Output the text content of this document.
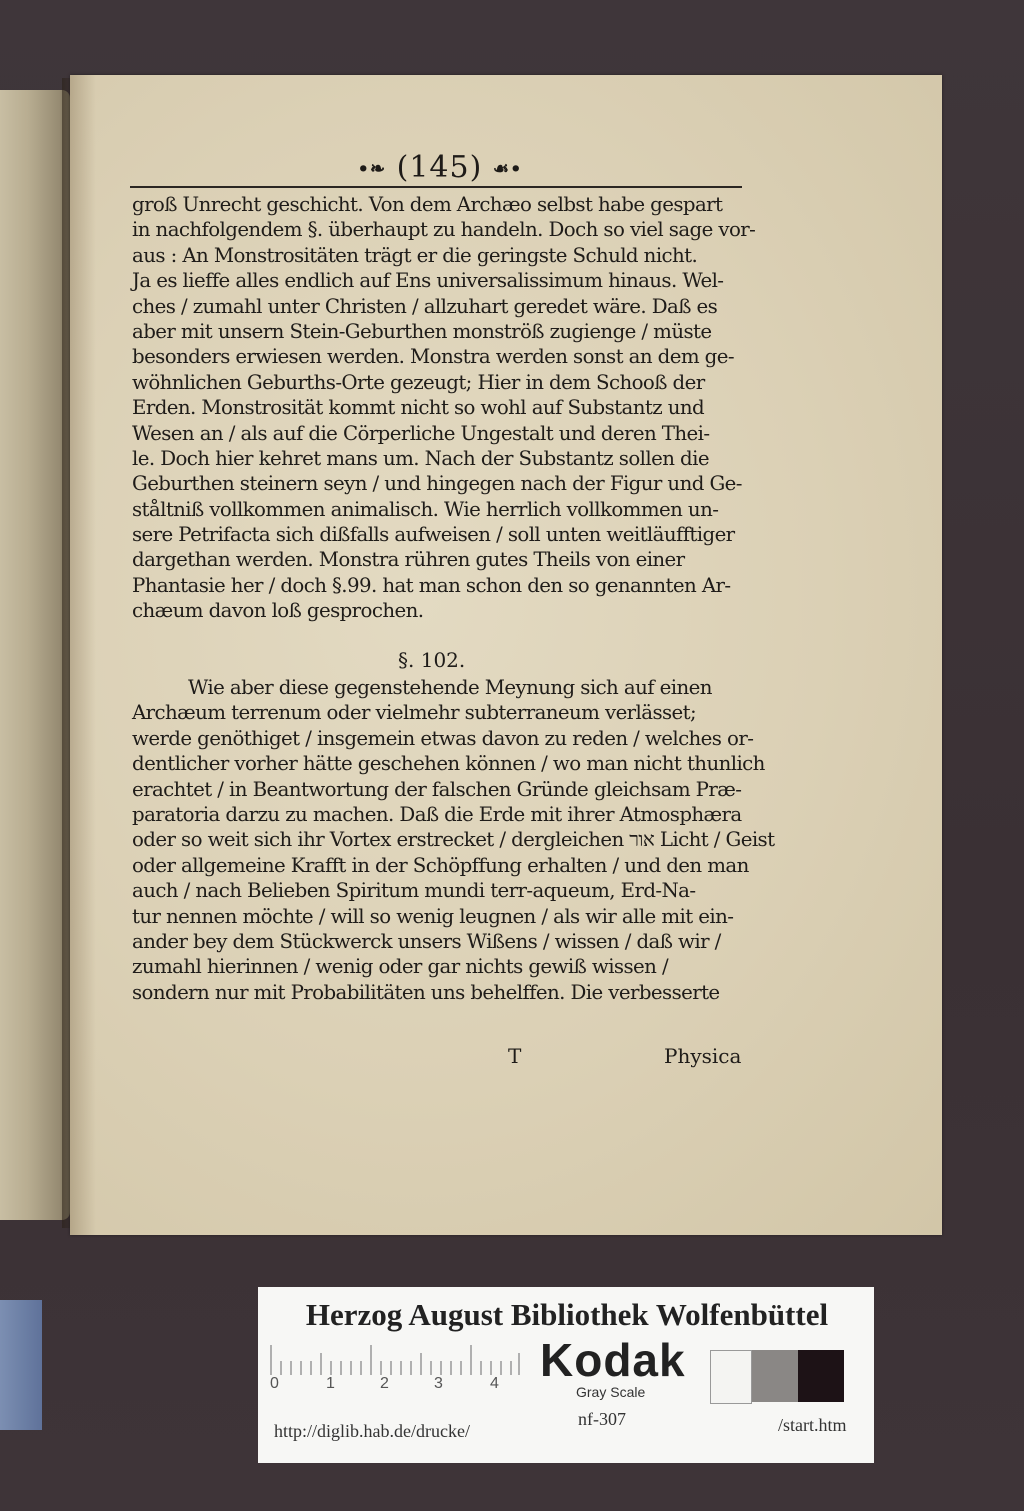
•❧ (145) ☙•
groß Unrecht geschicht. Von dem Archæo selbst habe gespart
in nachfolgendem §. überhaupt zu handeln. Doch so viel sage vor-
aus : An Monstrositäten trägt er die geringste Schuld nicht.
Ja es lieffe alles endlich auf Ens universalissimum hinaus. Wel-
ches / zumahl unter Christen / allzuhart geredet wäre. Daß es
aber mit unsern Stein-Geburthen monströß zugienge / müste
besonders erwiesen werden. Monstra werden sonst an dem ge-
wöhnlichen Geburths-Orte gezeugt; Hier in dem Schooß der
Erden. Monstrosität kommt nicht so wohl auf Substantz und
Wesen an / als auf die Cörperliche Ungestalt und deren Thei-
le. Doch hier kehret mans um. Nach der Substantz sollen die
Geburthen steinern seyn / und hingegen nach der Figur und Ge-
ståltniß vollkommen animalisch. Wie herrlich vollkommen un-
sere Petrifacta sich dißfalls aufweisen / soll unten weitläufftiger
dargethan werden. Monstra rühren gutes Theils von einer
Phantasie her / doch §.99. hat man schon den so genannten Ar-
chæum davon loß gesprochen.
§. 102.
Wie aber diese gegenstehende Meynung sich auf einen
Archæum terrenum oder vielmehr subterraneum verlässet;
werde genöthiget / insgemein etwas davon zu reden / welches or-
dentlicher vorher hätte geschehen können / wo man nicht thunlich
erachtet / in Beantwortung der falschen Gründe gleichsam Præ-
paratoria darzu zu machen. Daß die Erde mit ihrer Atmosphæra
oder so weit sich ihr Vortex erstrecket / dergleichen אור Licht / Geist
oder allgemeine Krafft in der Schöpffung erhalten / und den man
auch / nach Belieben Spiritum mundi terr-aqueum, Erd-Na-
tur nennen möchte / will so wenig leugnen / als wir alle mit ein-
ander bey dem Stückwerck unsers Wißens / wissen / daß wir /
zumahl hierinnen / wenig oder gar nichts gewiß wissen /
sondern nur mit Probabilitäten uns behelffen. Die verbesserte
T	Physica
Herzog August Bibliothek Wolfenbüttel
0	1	2	3	4 Kodak
Gray Scale
http://diglib.hab.de/drucke/
nf-307	/start.htm
